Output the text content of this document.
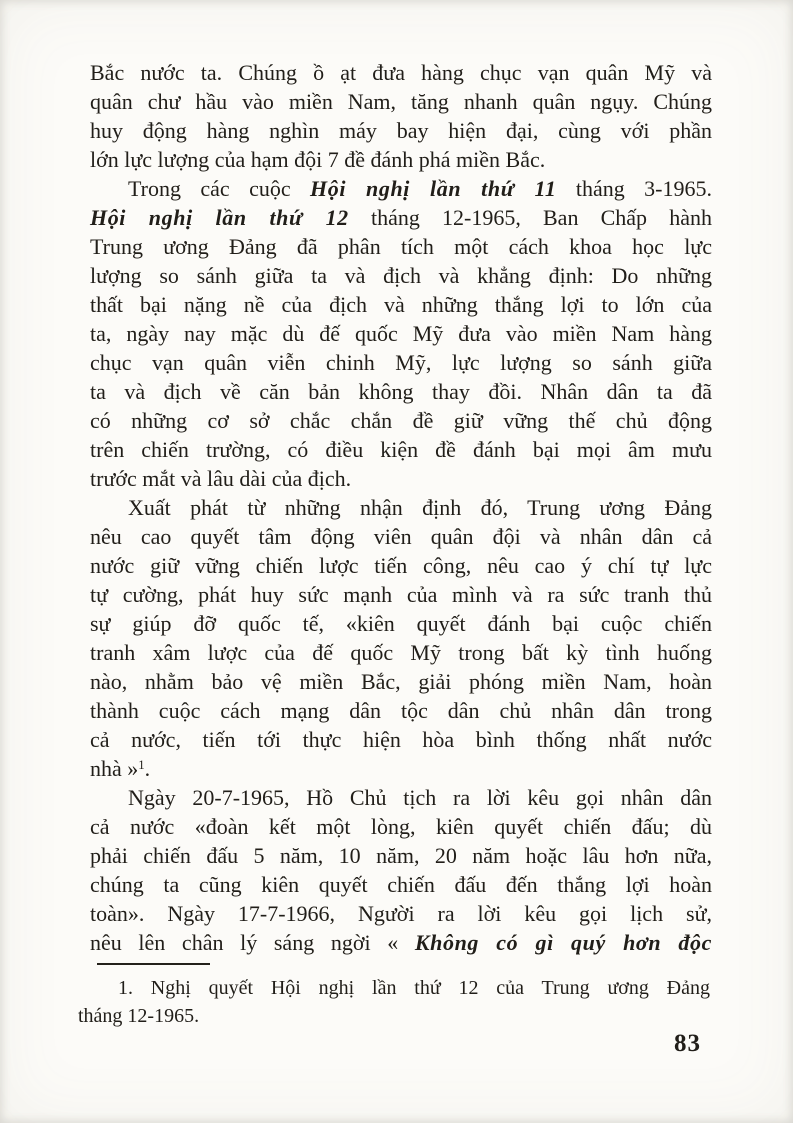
Bắc nước ta. Chúng ồ ạt đưa hàng chục vạn quân Mỹ và
quân chư hầu vào miền Nam, tăng nhanh quân ngụy. Chúng
huy động hàng nghìn máy bay hiện đại, cùng với phần
lớn lực lượng của hạm đội 7 đề đánh phá miền Bắc.
Trong các cuộc Hội nghị lần thứ 11 tháng 3-1965.
Hội nghị lần thứ 12 tháng 12-1965, Ban Chấp hành
Trung ương Đảng đã phân tích một cách khoa học lực
lượng so sánh giữa ta và địch và khẳng định: Do những
thất bại nặng nề của địch và những thắng lợi to lớn của
ta, ngày nay mặc dù đế quốc Mỹ đưa vào miền Nam hàng
chục vạn quân viễn chinh Mỹ, lực lượng so sánh giữa
ta và địch về căn bản không thay đồi. Nhân dân ta đã
có những cơ sở chắc chắn đề giữ vững thế chủ động
trên chiến trường, có điều kiện đề đánh bại mọi âm mưu
trước mắt và lâu dài của địch.
Xuất phát từ những nhận định đó, Trung ương Đảng
nêu cao quyết tâm động viên quân đội và nhân dân cả
nước giữ vững chiến lược tiến công, nêu cao ý chí tự lực
tự cường, phát huy sức mạnh của mình và ra sức tranh thủ
sự giúp đỡ quốc tế, «kiên quyết đánh bại cuộc chiến
tranh xâm lược của đế quốc Mỹ trong bất kỳ tình huống
nào, nhằm bảo vệ miền Bắc, giải phóng miền Nam, hoàn
thành cuộc cách mạng dân tộc dân chủ nhân dân trong
cả nước, tiến tới thực hiện hòa bình thống nhất nước
nhà »$^1$.
Ngày 20-7-1965, Hồ Chủ tịch ra lời kêu gọi nhân dân
cả nước «đoàn kết một lòng, kiên quyết chiến đấu; dù
phải chiến đấu 5 năm, 10 năm, 20 năm hoặc lâu hơn nữa,
chúng ta cũng kiên quyết chiến đấu đến thắng lợi hoàn
toàn». Ngày 17-7-1966, Người ra lời kêu gọi lịch sử,
nêu lên chân lý sáng ngời « Không có gì quý hơn độc
1. Nghị quyết Hội nghị lần thứ 12 của Trung ương Đảng
tháng 12-1965.
83
